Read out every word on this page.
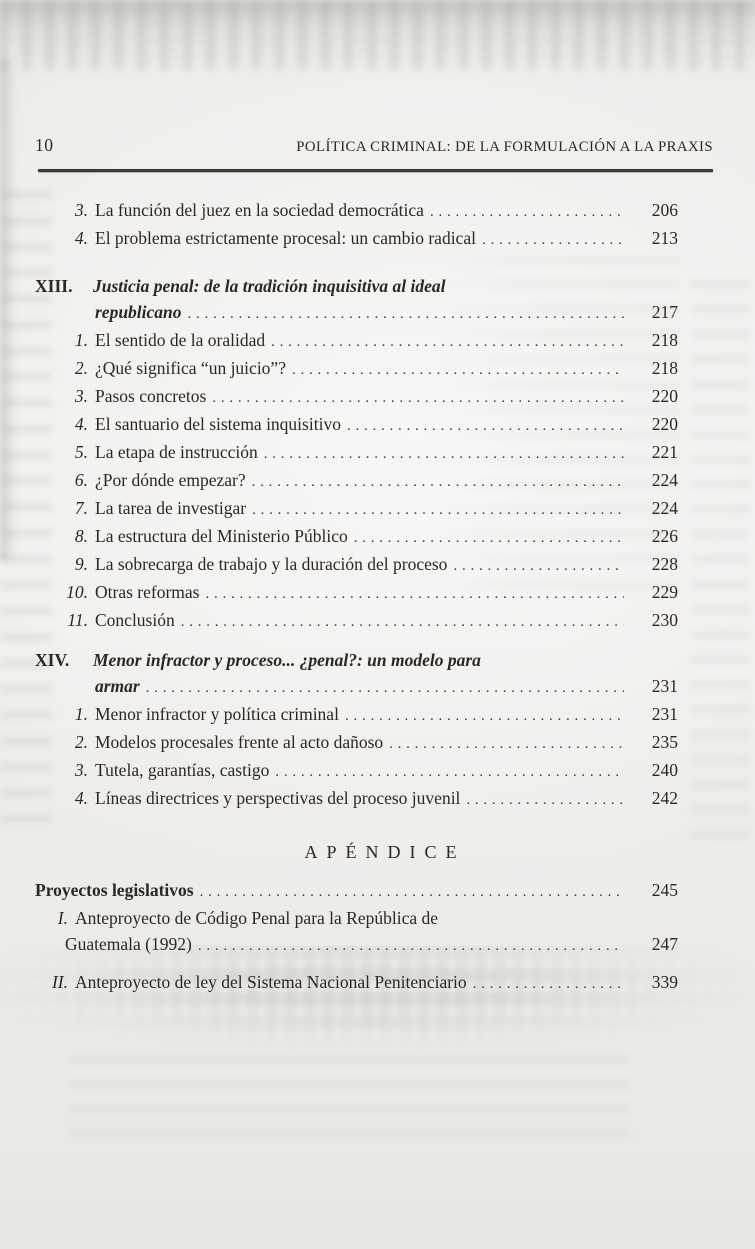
10	POLÍTICA CRIMINAL: DE LA FORMULACIÓN A LA PRAXIS
3. La función del juez en la sociedad democrática . . .	206
4. El problema estrictamente procesal: un cambio radical . . .	213
XIII.	Justicia penal: de la tradición inquisitiva al ideal
republicano . . .	217
1. El sentido de la oralidad . . .	218
2. ¿Qué significa “un juicio”? . . .	218
3. Pasos concretos . . .	220
4. El santuario del sistema inquisitivo . . .	220
5. La etapa de instrucción . . .	221
6. ¿Por dónde empezar? . . .	224
7. La tarea de investigar . . .	224
8. La estructura del Ministerio Público . . .	226
9. La sobrecarga de trabajo y la duración del proceso . . .	228
10. Otras reformas . . .	229
11. Conclusión . . .	230
XIV.	Menor infractor y proceso... ¿penal?: un modelo para
armar . . .	231
1. Menor infractor y política criminal . . .	231
2. Modelos procesales frente al acto dañoso . . .	235
3. Tutela, garantías, castigo . . .	240
4. Líneas directrices y perspectivas del proceso juvenil . . .	242
APÉNDICE
Proyectos legislativos . . .	245
I. Anteproyecto de Código Penal para la República de
Guatemala (1992) . . .	247
II. Anteproyecto de ley del Sistema Nacional Penitenciario . . .	339
